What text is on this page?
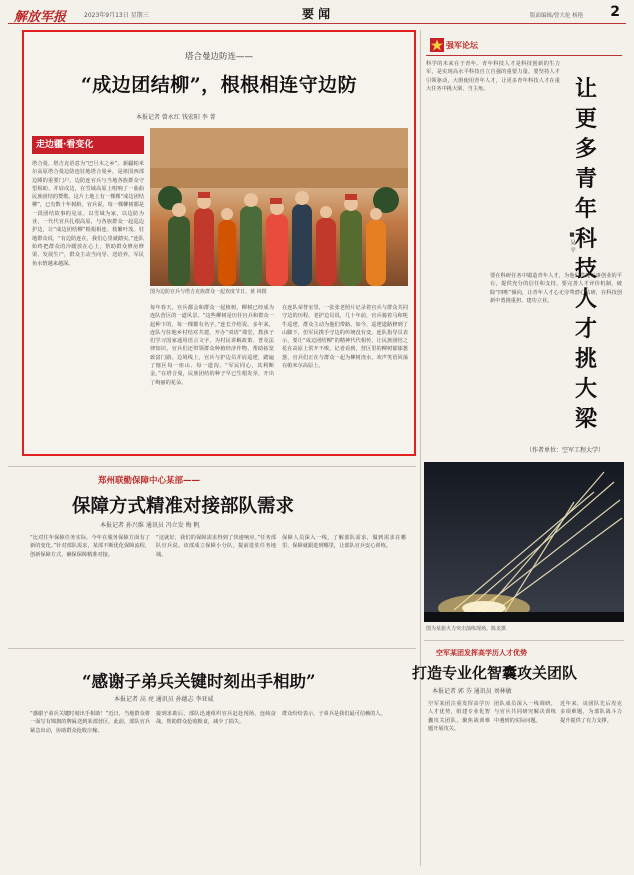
解放军报	2023年9月13日 星期三	要 闻	版面编辑/曾大伦 杨艳 2
塔合曼边防连——
“成边团结柳”，根根相连守边防
本报记者 曾永红 钱宏阳 李 菁
走边疆·看变化
图为边防官兵与塔吉克族群众一起欢度节日。黄 林摄
塔合曼，塔吉克语意为“巴旦木之乡”。新疆帕米尔高原塔合曼边防连驻地塔合曼乡，是祖国西部边陲的重要门户。边防连官兵与当地各族群众守望相助、并肩戍边，在雪域高原上唱响了一曲曲民族团结的赞歌。这片土地上有一棵棵“成边团结柳”，已有数十年树龄，官兵说，每一棵柳树都是一段团结故事的见证。以雪域为家，以边防为业，一代代官兵扎根高原，与各族群众一起巡边护边，让“成边团结柳”根根相连、枝繁叶茂。驻地群众说，“有边防连在，我们心里就踏实。”连队始终把群众的冷暖放在心上，帮助群众修房修渠、发展生产，群众主动当向导、送给养，军民鱼水情越来越深。
每年春天，官兵都会和群众一起植树，柳树已经成为连队营区的一道风景。“这些柳树是历任官兵和群众一起种下的，每一棵都有名字。”连长介绍说。多年来，连队与驻地乡村结对共建，开办“双语”课堂，教孩子们学习国家通用语言文字，为村民讲解政策、普及法律知识。官兵们还带领群众种植经济作物，帮助拓宽致富门路。边境线上，官兵与护边员并肩巡逻，踏遍了辖区每一座山、每一道沟。“军民同心，其利断金。”在塔合曼，民族团结的种子早已生根发芽，开出了绚丽的花朵。
在连队荣誉室里，一张张老照片记录着官兵与群众共同守边的历程。老护边员说，几十年前，官兵骑着马和牦牛巡逻，群众主动为他们带路。如今，巡逻道路修到了山脚下，但军民携手守边的传统没有变。连队指导员表示，要让“成边团结柳”的精神代代相传，让民族团结之花在高原上常开不败。记者看到，营区里的柳树郁郁葱葱，官兵们正在与群众一起为柳树浇水，欢声笑语回荡在帕米尔高原上。
强军论坛
科学的未来在于青年。青年科技人才是科技创新的生力军，是实现高水平科技自立自强的重要力量。要坚持人才引领驱动，大胆使用青年人才，让更多青年科技人才在重大任务中挑大梁、当主角。	让更多青年科技人才挑大梁
■ 吴 平
要在科研任务中锻造青年人才，为他们搭建干事创业的平台，提供充分的信任和支持。要完善人才评价机制，破除“四唯”倾向，让青年人才心无旁骛潜心钻研，在科技创新中勇挑重担、建功立业。
（作者单位：空军工程大学）
郑州联勤保障中心某部——
保障方式精准对接部队需求
本报记者 孙兴维 通讯员 冯立发 梅 帆
“比对往年保障任务实际，今年在服务保障方面有了新的变化。”针对部队需求，某部不断优化保障流程，创新保障方式，确保保障精准对接。
“这就好，我们的保障需求得到了快速响应。”任务部队官兵说。该部成立保障小分队，提前进驻任务地域。
保障人员深入一线，了解部队需求，做到需求在哪里，保障就跟进到哪里，让部队官兵安心训练。
图为某旅火力突击演练现场。陈龙摄
“感谢子弟兵关键时刻出手相助”
本报记者 高 亮 通讯员 孙德志 李亚威
“感谢子弟兵关键时刻出手相助！”近日，当地群众将一面写有锦旗的牌匾送到某部营区。此前，部队官兵紧急出动，协助群众抢收庄稼。
接到求助后，部队迅速组织官兵赶赴现场，连续奋战，帮助群众抢收粮食，减少了损失。
群众纷纷表示，子弟兵是我们最可信赖的人。
空军某团发挥高学历人才优势
打造专业化智囊攻关团队
本报记者 郭 芬 通讯员 刘林敏
空军某团注重发挥高学历人才优势，组建专业化智囊攻关团队，聚焦战训难题开展攻关。
团队成员深入一线调研，与官兵共同研究解决训练中遇到的实际问题。
近年来，该团队先后攻克多项难题，为部队战斗力提升提供了有力支撑。
